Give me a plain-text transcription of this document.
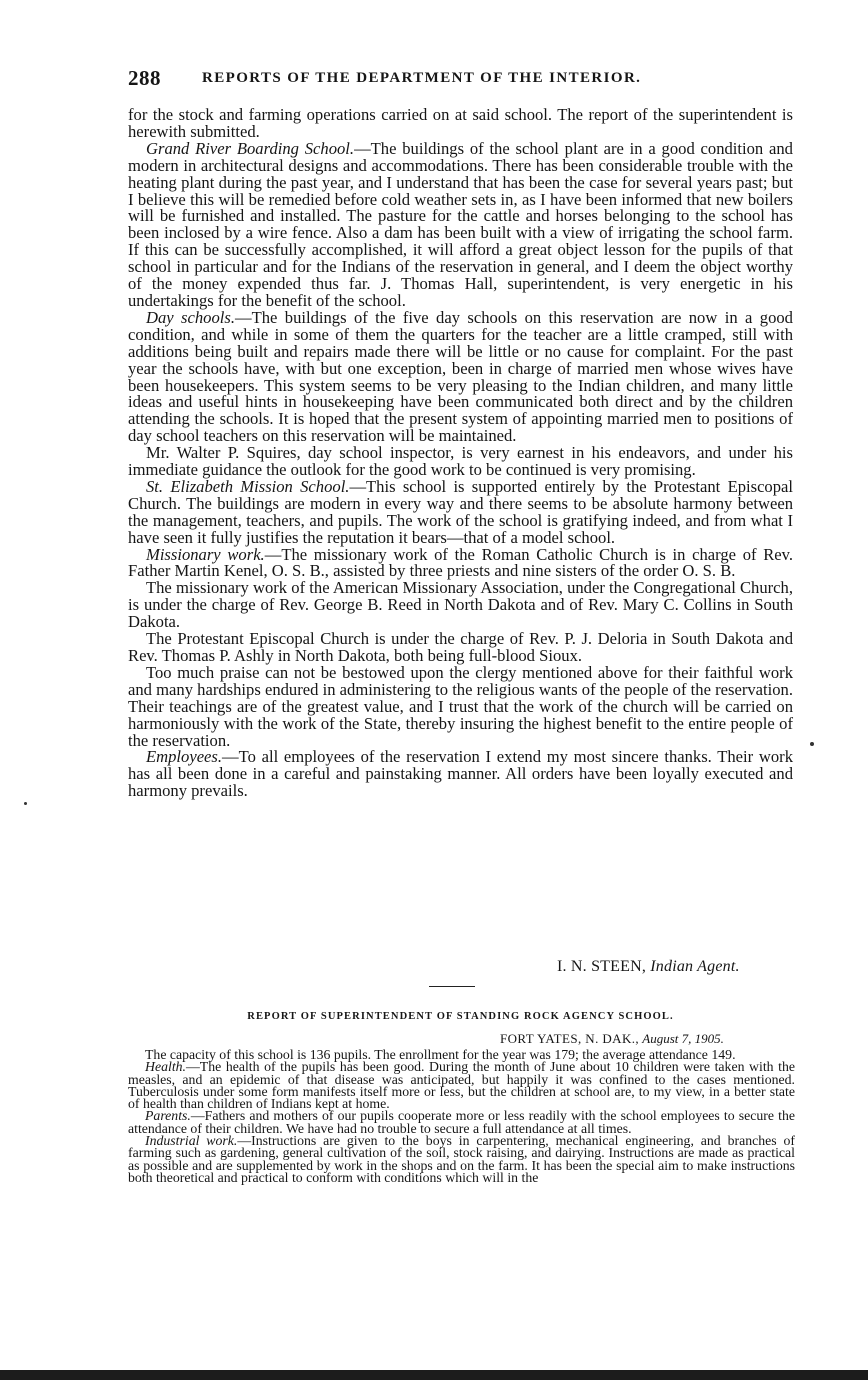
288	REPORTS OF THE DEPARTMENT OF THE INTERIOR.

for the stock and farming operations carried on at said school. The report of the superintendent is herewith submitted.

Grand River Boarding School.—The buildings of the school plant are in a good condition and modern in architectural designs and accommodations. There has been considerable trouble with the heating plant during the past year, and I understand that has been the case for several years past; but I believe this will be remedied before cold weather sets in, as I have been informed that new boilers will be furnished and installed. The pasture for the cattle and horses belonging to the school has been inclosed by a wire fence. Also a dam has been built with a view of irrigating the school farm. If this can be successfully accomplished, it will afford a great object lesson for the pupils of that school in particular and for the Indians of the reservation in general, and I deem the object worthy of the money expended thus far. J. Thomas Hall, superintendent, is very energetic in his undertakings for the benefit of the school.

Day schools.—The buildings of the five day schools on this reservation are now in a good condition, and while in some of them the quarters for the teacher are a little cramped, still with additions being built and repairs made there will be little or no cause for complaint. For the past year the schools have, with but one exception, been in charge of married men whose wives have been housekeepers. This system seems to be very pleasing to the Indian children, and many little ideas and useful hints in housekeeping have been communicated both direct and by the children attending the schools. It is hoped that the present system of appointing married men to positions of day school teachers on this reservation will be maintained.

Mr. Walter P. Squires, day school inspector, is very earnest in his endeavors, and under his immediate guidance the outlook for the good work to be continued is very promising.

St. Elizabeth Mission School.—This school is supported entirely by the Protestant Episcopal Church. The buildings are modern in every way and there seems to be absolute harmony between the management, teachers, and pupils. The work of the school is gratifying indeed, and from what I have seen it fully justifies the reputation it bears—that of a model school.

Missionary work.—The missionary work of the Roman Catholic Church is in charge of Rev. Father Martin Kenel, O. S. B., assisted by three priests and nine sisters of the order O. S. B.

The missionary work of the American Missionary Association, under the Congregational Church, is under the charge of Rev. George B. Reed in North Dakota and of Rev. Mary C. Collins in South Dakota.

The Protestant Episcopal Church is under the charge of Rev. P. J. Deloria in South Dakota and Rev. Thomas P. Ashly in North Dakota, both being full-blood Sioux.

Too much praise can not be bestowed upon the clergy mentioned above for their faithful work and many hardships endured in administering to the religious wants of the people of the reservation. Their teachings are of the greatest value, and I trust that the work of the church will be carried on harmoniously with the work of the State, thereby insuring the highest benefit to the entire people of the reservation.

Employees.—To all employees of the reservation I extend my most sincere thanks. Their work has all been done in a careful and painstaking manner. All orders have been loyally executed and harmony prevails.

I. N. STEEN, Indian Agent.
REPORT OF SUPERINTENDENT OF STANDING ROCK AGENCY SCHOOL.
FORT YATES, N. DAK., August 7, 1905.

The capacity of this school is 136 pupils. The enrollment for the year was 179; the average attendance 149.

Health.—The health of the pupils has been good. During the month of June about 10 children were taken with the measles, and an epidemic of that disease was anticipated, but happily it was confined to the cases mentioned. Tuberculosis under some form manifests itself more or less, but the children at school are, to my view, in a better state of health than children of Indians kept at home.

Parents.—Fathers and mothers of our pupils cooperate more or less readily with the school employees to secure the attendance of their children. We have had no trouble to secure a full attendance at all times.

Industrial work.—Instructions are given to the boys in carpentering, mechanical engineering, and branches of farming such as gardening, general cultivation of the soil, stock raising, and dairying. Instructions are made as practical as possible and are supplemented by work in the shops and on the farm. It has been the special aim to make instructions both theoretical and practical to conform with conditions which will in the
